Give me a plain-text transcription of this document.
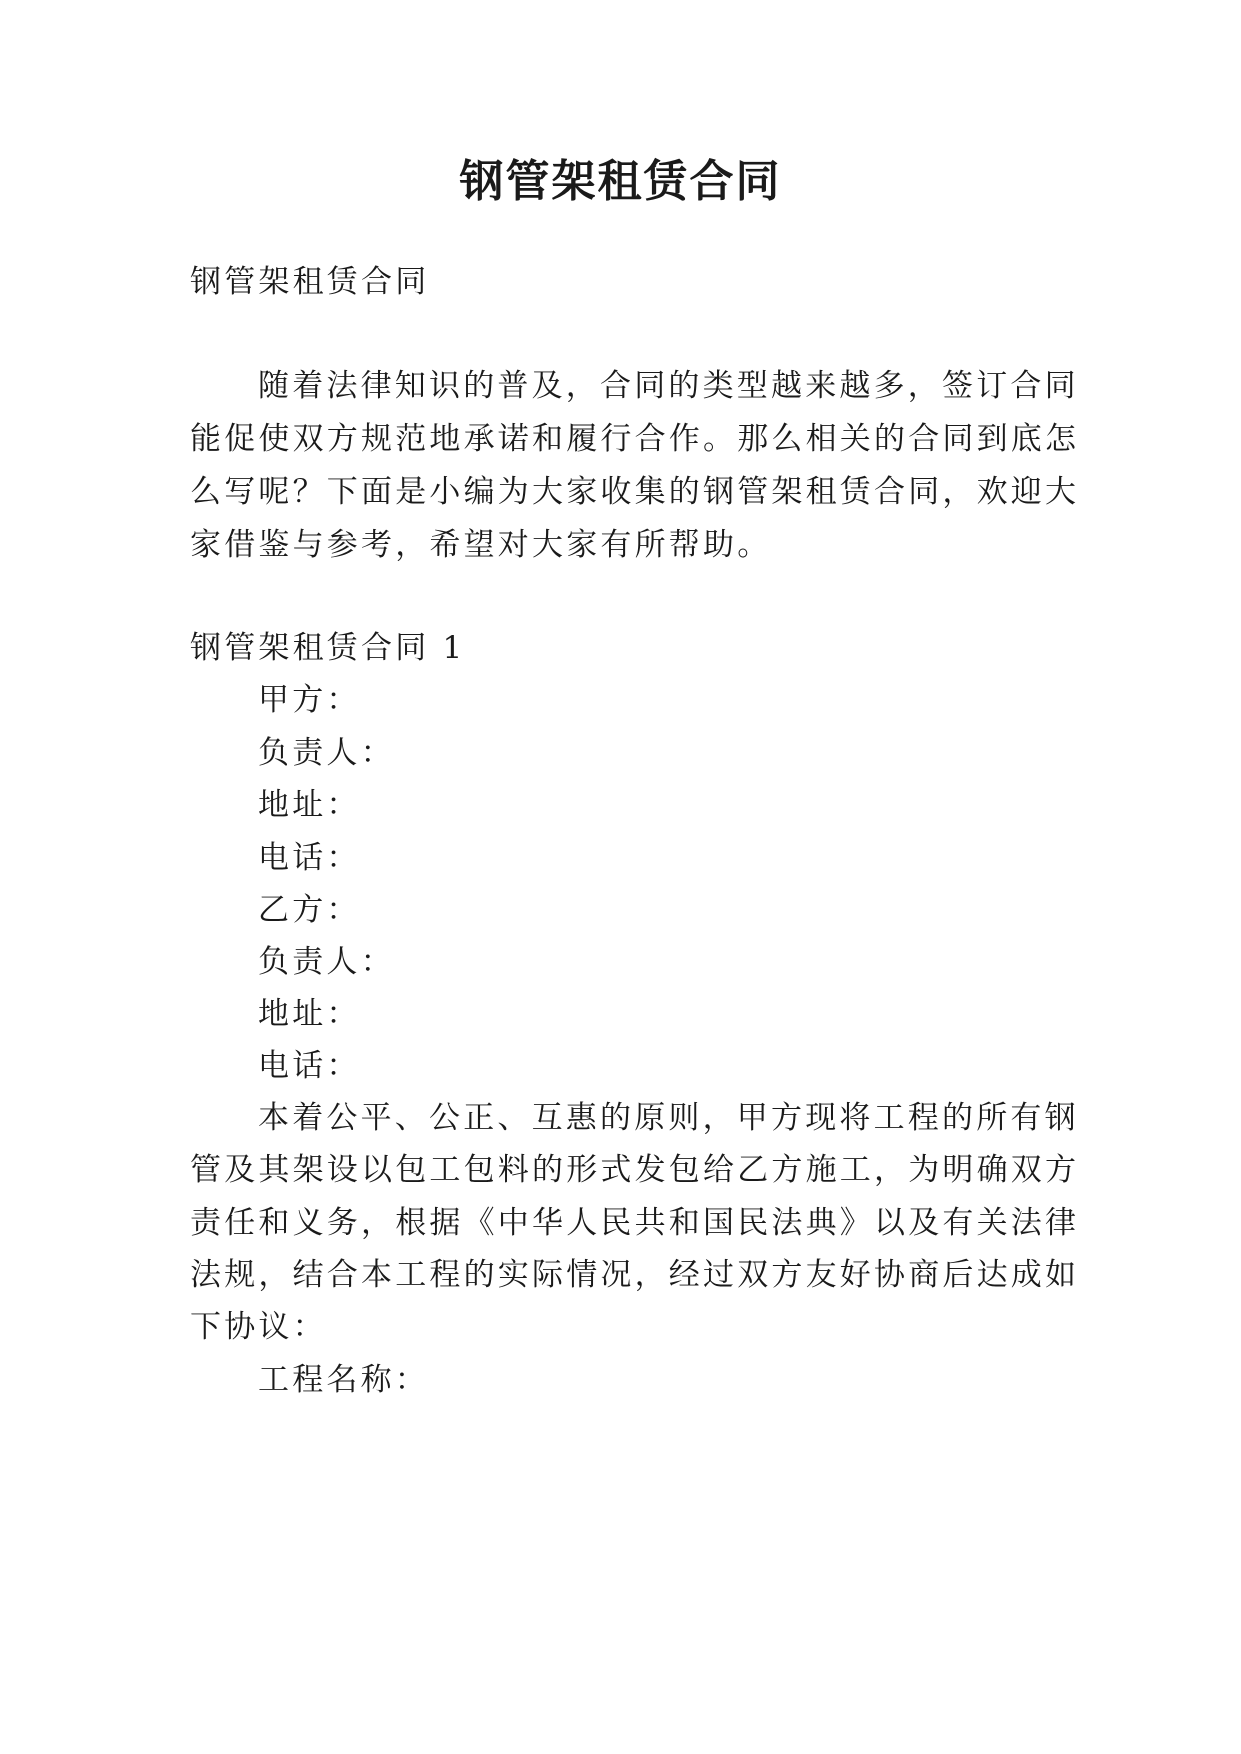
钢管架租赁合同
钢管架租赁合同
随着法律知识的普及，合同的类型越来越多，签订合同
能促使双方规范地承诺和履行合作。那么相关的合同到底怎
么写呢？下面是小编为大家收集的钢管架租赁合同，欢迎大
家借鉴与参考，希望对大家有所帮助。
钢管架租赁合同 1
甲方：
负责人：
地址：
电话：
乙方：
负责人：
地址：
电话：
本着公平、公正、互惠的原则，甲方现将工程的所有钢
管及其架设以包工包料的形式发包给乙方施工，为明确双方
责任和义务，根据《中华人民共和国民法典》以及有关法律
法规，结合本工程的实际情况，经过双方友好协商后达成如
下协议：
工程名称：
